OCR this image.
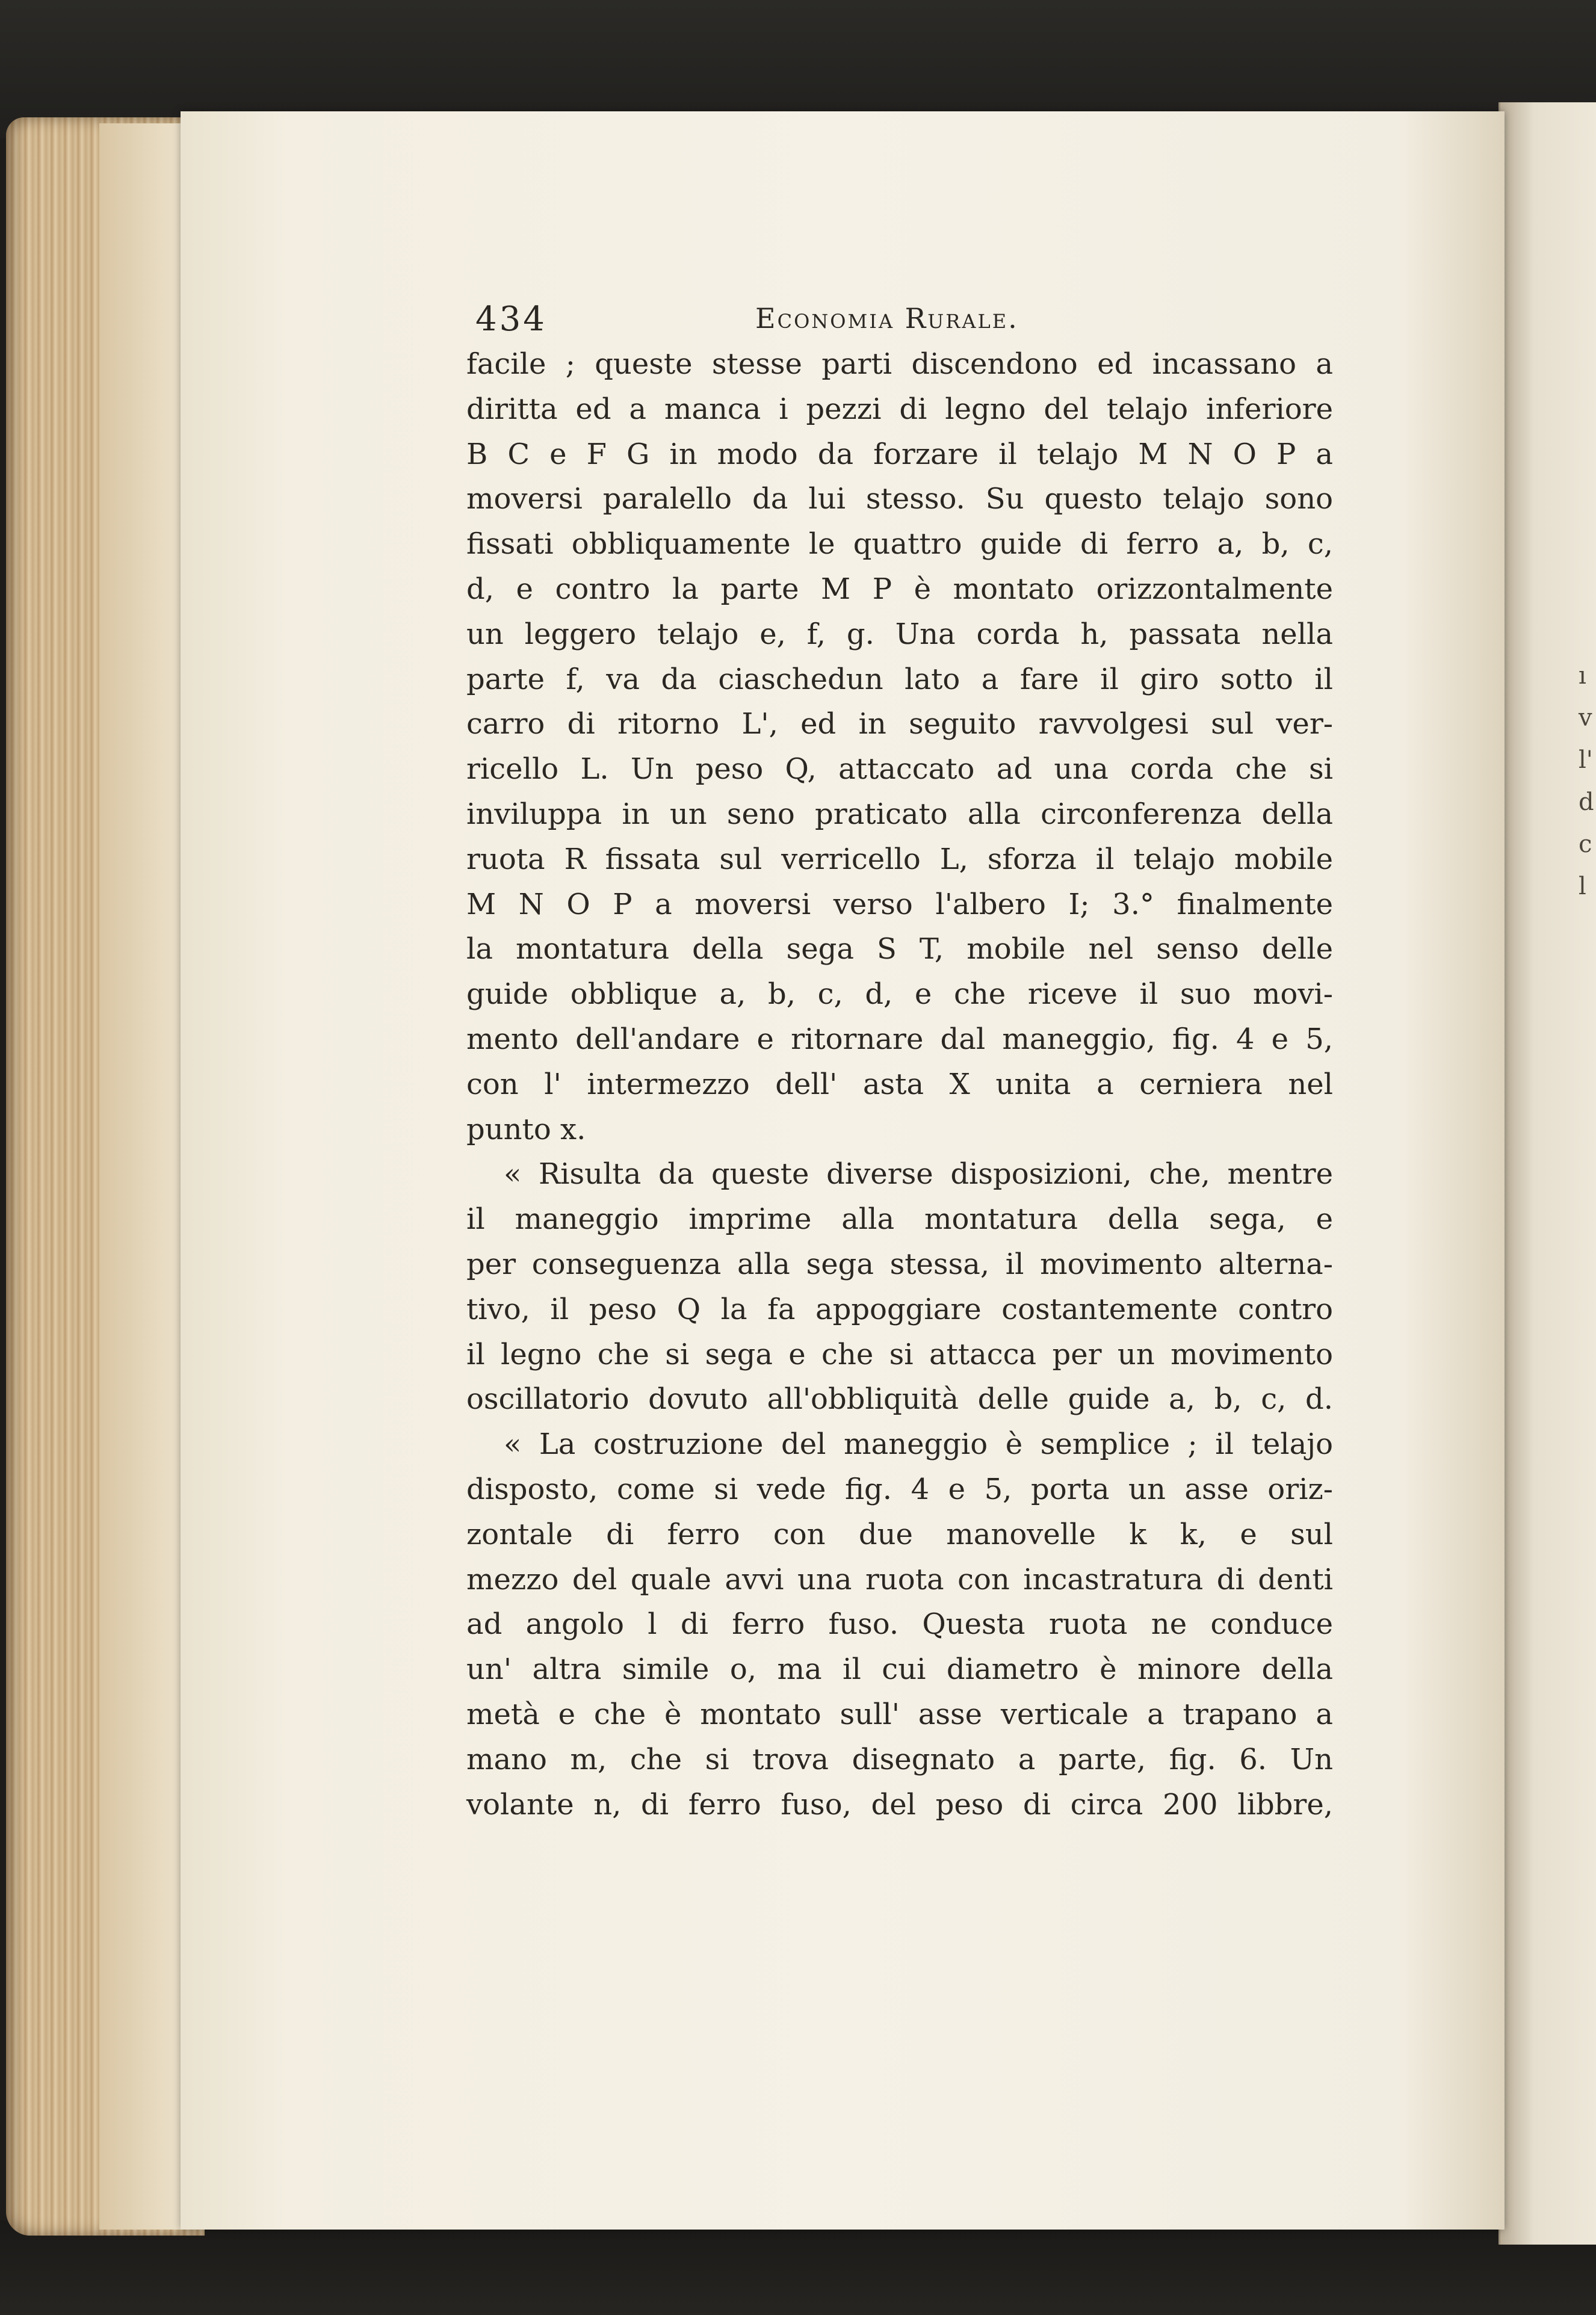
ı
v
l'
d
c
l
434	Economia Rurale.
facile ; queste stesse parti discendono ed incassano a
diritta ed a manca i pezzi di legno del telajo inferiore
B C e F G in modo da forzare il telajo M N O P a
moversi paralello da lui stesso. Su questo telajo sono
fissati obbliquamente le quattro guide di ferro a, b, c,
d, e contro la parte M P è montato orizzontalmente
un leggero telajo e, f, g. Una corda h, passata nella
parte f, va da ciaschedun lato a fare il giro sotto il
carro di ritorno L', ed in seguito ravvolgesi sul ver-
ricello L. Un peso Q, attaccato ad una corda che si
inviluppa in un seno praticato alla circonferenza della
ruota R fissata sul verricello L, sforza il telajo mobile
M N O P a moversi verso l'albero I; 3.° finalmente
la montatura della sega S T, mobile nel senso delle
guide obblique a, b, c, d, e che riceve il suo movi-
mento dell'andare e ritornare dal maneggio, fig. 4 e 5,
con l' intermezzo dell' asta X unita a cerniera nel
punto x.
« Risulta da queste diverse disposizioni, che, mentre
il maneggio imprime alla montatura della sega, e
per conseguenza alla sega stessa, il movimento alterna-
tivo, il peso Q la fa appoggiare costantemente contro
il legno che si sega e che si attacca per un movimento
oscillatorio dovuto all'obbliquità delle guide a, b, c, d.
« La costruzione del maneggio è semplice ; il telajo
disposto, come si vede fig. 4 e 5, porta un asse oriz-
zontale di ferro con due manovelle k k, e sul
mezzo del quale avvi una ruota con incastratura di denti
ad angolo l di ferro fuso. Questa ruota ne conduce
un' altra simile o, ma il cui diametro è minore della
metà e che è montato sull' asse verticale a trapano a
mano m, che si trova disegnato a parte, fig. 6. Un
volante n, di ferro fuso, del peso di circa 200 libbre,
